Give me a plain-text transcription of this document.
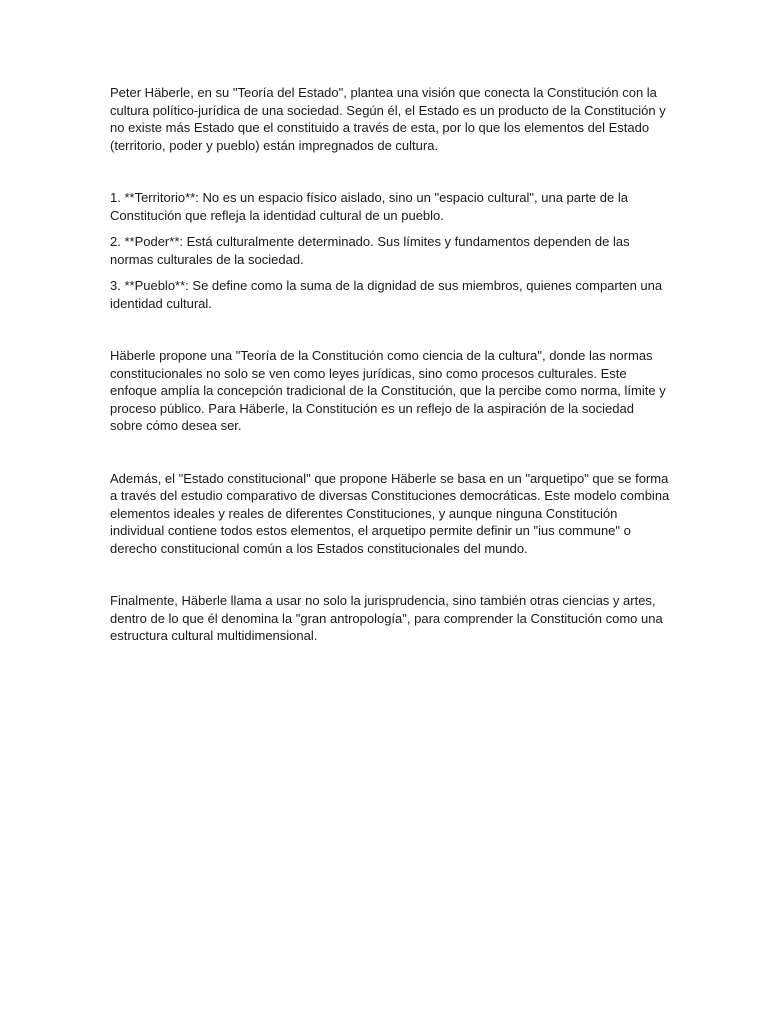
Peter Häberle, en su "Teoría del Estado", plantea una visión que conecta la Constitución con la cultura político-jurídica de una sociedad. Según él, el Estado es un producto de la Constitución y no existe más Estado que el constituido a través de esta, por lo que los elementos del Estado (territorio, poder y pueblo) están impregnados de cultura.

1. **Territorio**: No es un espacio físico aislado, sino un "espacio cultural", una parte de la Constitución que refleja la identidad cultural de un pueblo.

2. **Poder**: Está culturalmente determinado. Sus límites y fundamentos dependen de las normas culturales de la sociedad.

3. **Pueblo**: Se define como la suma de la dignidad de sus miembros, quienes comparten una identidad cultural.

Häberle propone una "Teoría de la Constitución como ciencia de la cultura", donde las normas constitucionales no solo se ven como leyes jurídicas, sino como procesos culturales. Este enfoque amplía la concepción tradicional de la Constitución, que la percibe como norma, límite y proceso público. Para Häberle, la Constitución es un reflejo de la aspiración de la sociedad sobre cómo desea ser.

Además, el "Estado constitucional" que propone Häberle se basa en un "arquetipo" que se forma a través del estudio comparativo de diversas Constituciones democráticas. Este modelo combina elementos ideales y reales de diferentes Constituciones, y aunque ninguna Constitución individual contiene todos estos elementos, el arquetipo permite definir un "ius commune" o derecho constitucional común a los Estados constitucionales del mundo.

Finalmente, Häberle llama a usar no solo la jurisprudencia, sino también otras ciencias y artes, dentro de lo que él denomina la "gran antropología", para comprender la Constitución como una estructura cultural multidimensional.
